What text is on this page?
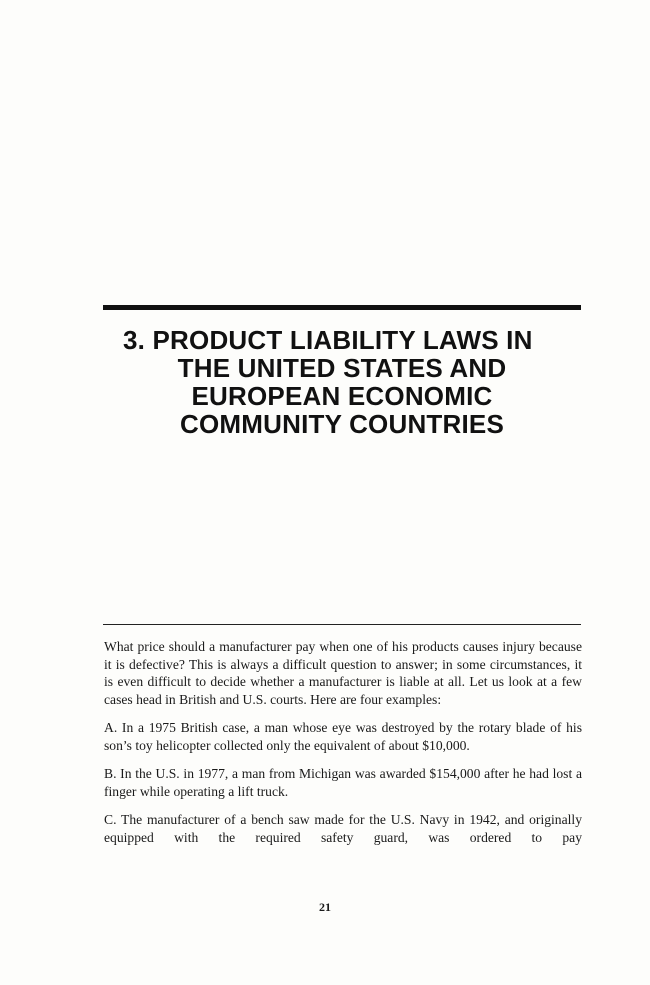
3. PRODUCT LIABILITY LAWS IN
THE UNITED STATES AND
EUROPEAN ECONOMIC
COMMUNITY COUNTRIES

What price should a manufacturer pay when one of his products causes injury because it is defective? This is always a difficult question to answer; in some circumstances, it is even difficult to decide whether a manufacturer is liable at all. Let us look at a few cases head in British and U.S. courts. Here are four examples:

A. In a 1975 British case, a man whose eye was destroyed by the rotary blade of his son’s toy helicopter collected only the equivalent of about $10,000.

B. In the U.S. in 1977, a man from Michigan was awarded $154,000 after he had lost a finger while operating a lift truck.

C. The manufacturer of a bench saw made for the U.S. Navy in 1942, and originally equipped with the required safety guard, was ordered to pay

21
